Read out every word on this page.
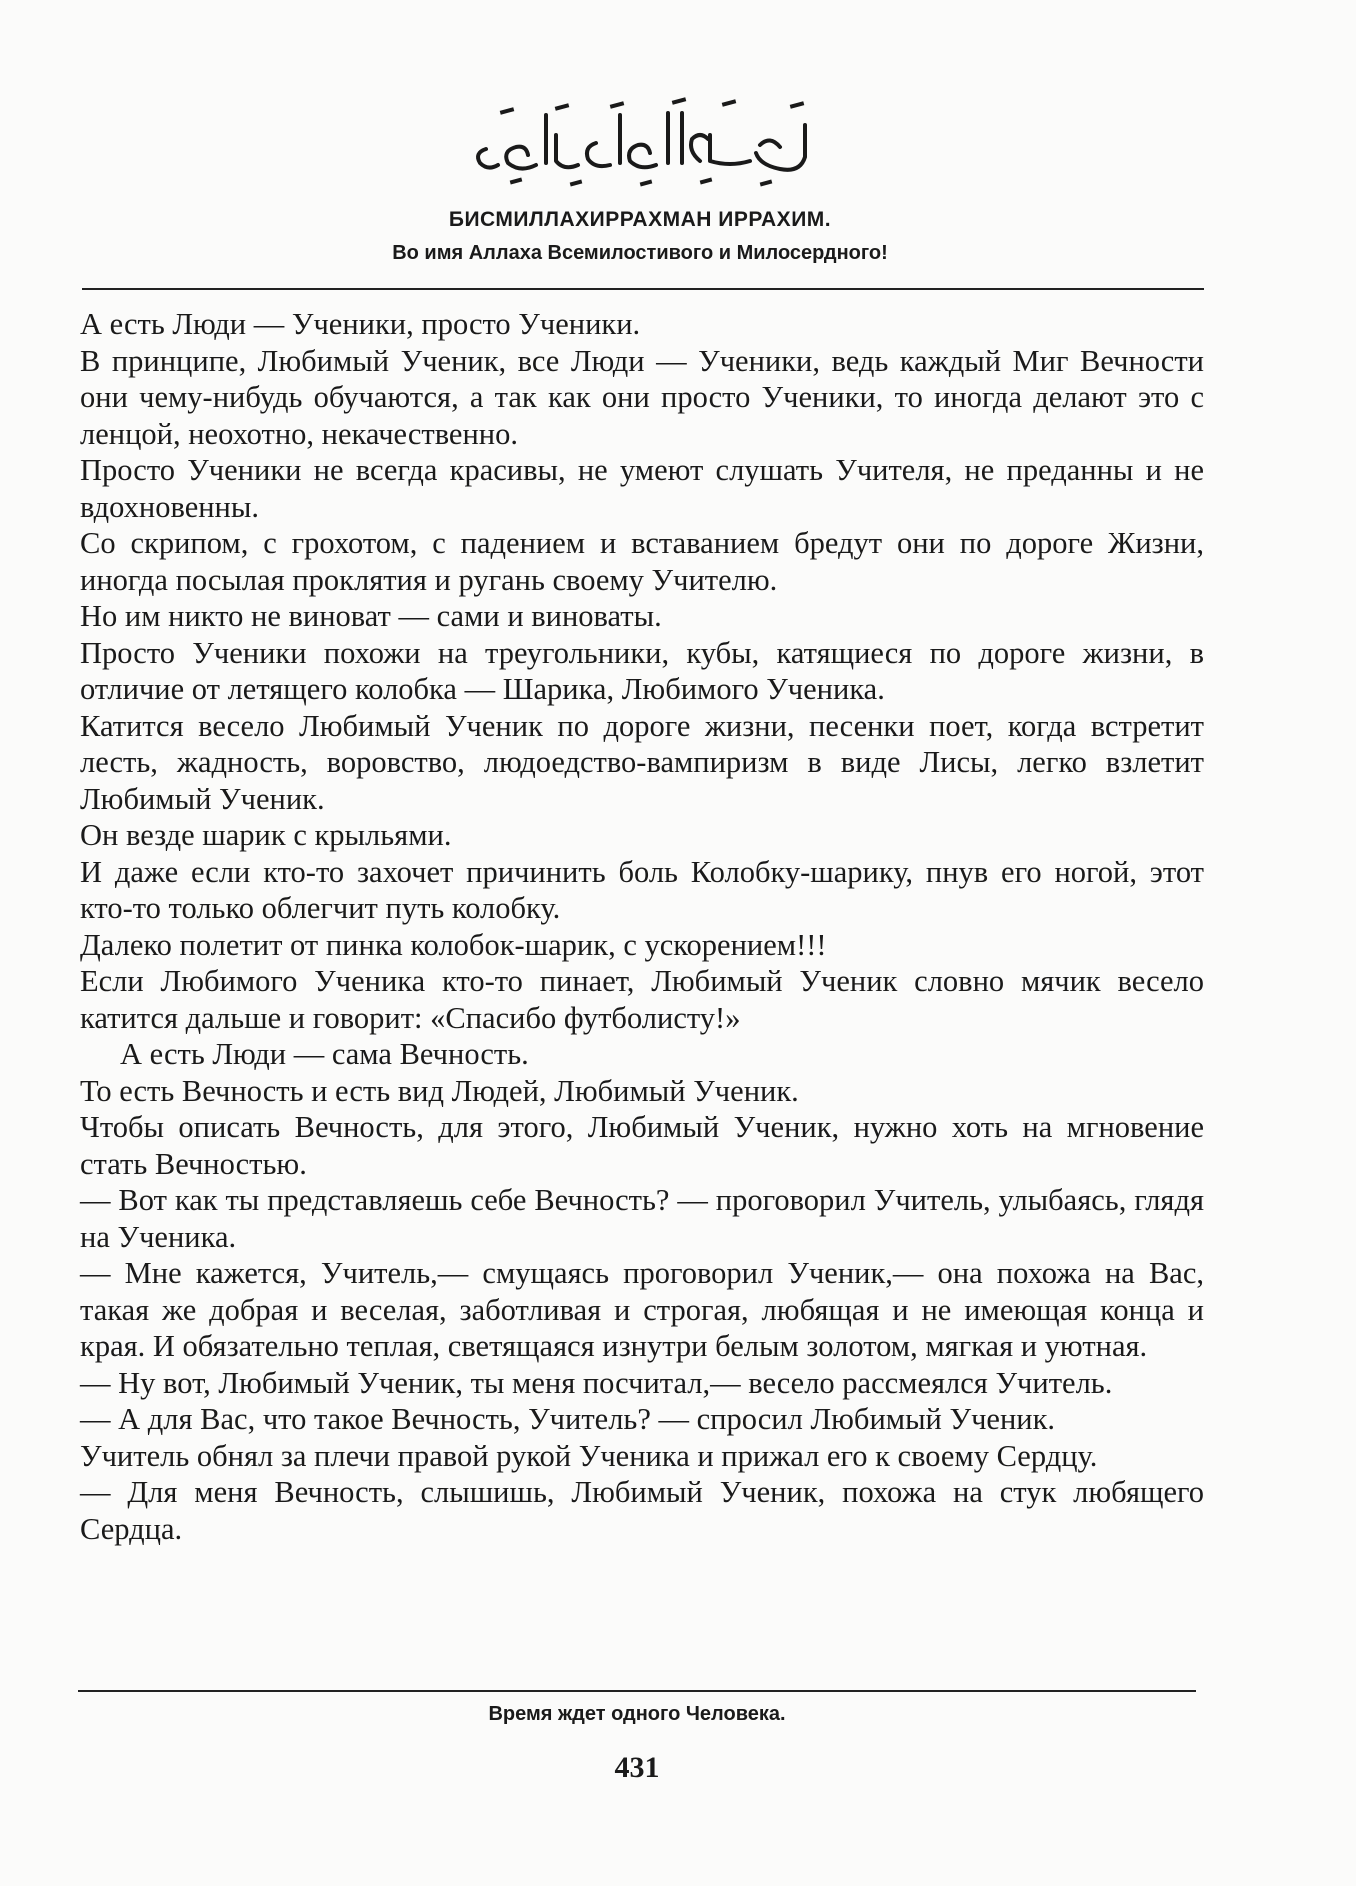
БИСМИЛЛАХИРРАХМАН ИРРАХИМ.
Во имя Аллаха Всемилостивого и Милосердного!

А есть Люди — Ученики, просто Ученики.

В принципе, Любимый Ученик, все Люди — Ученики, ведь каждый Миг Вечности они чему-нибудь обучаются, а так как они просто Ученики, то иногда делают это с ленцой, неохотно, некачественно.

Просто Ученики не всегда красивы, не умеют слушать Учителя, не преданны и не вдохновенны.

Со скрипом, с грохотом, с падением и вставанием бредут они по дороге Жизни, иногда посылая проклятия и ругань своему Учителю.

Но им никто не виноват — сами и виноваты.

Просто Ученики похожи на треугольники, кубы, катящиеся по дороге жизни, в отличие от летящего колобка — Шарика, Любимого Ученика.

Катится весело Любимый Ученик по дороге жизни, песенки поет, когда встретит лесть, жадность, воровство, людоедство-вампиризм в виде Лисы, легко взлетит Любимый Ученик.

Он везде шарик с крыльями.

И даже если кто-то захочет причинить боль Колобку-шарику, пнув его ногой, этот кто-то только облегчит путь колобку.

Далеко полетит от пинка колобок-шарик, с ускорением!!!

Если Любимого Ученика кто-то пинает, Любимый Ученик словно мячик весело катится дальше и говорит: «Спасибо футболисту!»

А есть Люди — сама Вечность.

То есть Вечность и есть вид Людей, Любимый Ученик.

Чтобы описать Вечность, для этого, Любимый Ученик, нужно хоть на мгновение стать Вечностью.

— Вот как ты представляешь себе Вечность? — проговорил Учитель, улыбаясь, глядя на Ученика.

— Мне кажется, Учитель,— смущаясь проговорил Ученик,— она похожа на Вас, такая же добрая и веселая, заботливая и строгая, любящая и не имеющая конца и края. И обязательно теплая, светящаяся изнутри белым золотом, мягкая и уютная.

— Ну вот, Любимый Ученик, ты меня посчитал,— весело рассмеялся Учитель.

— А для Вас, что такое Вечность, Учитель? — спросил Любимый Ученик.

Учитель обнял за плечи правой рукой Ученика и прижал его к своему Сердцу.

— Для меня Вечность, слышишь, Любимый Ученик, похожа на стук любящего Сердца.

Время ждет одного Человека.
431
